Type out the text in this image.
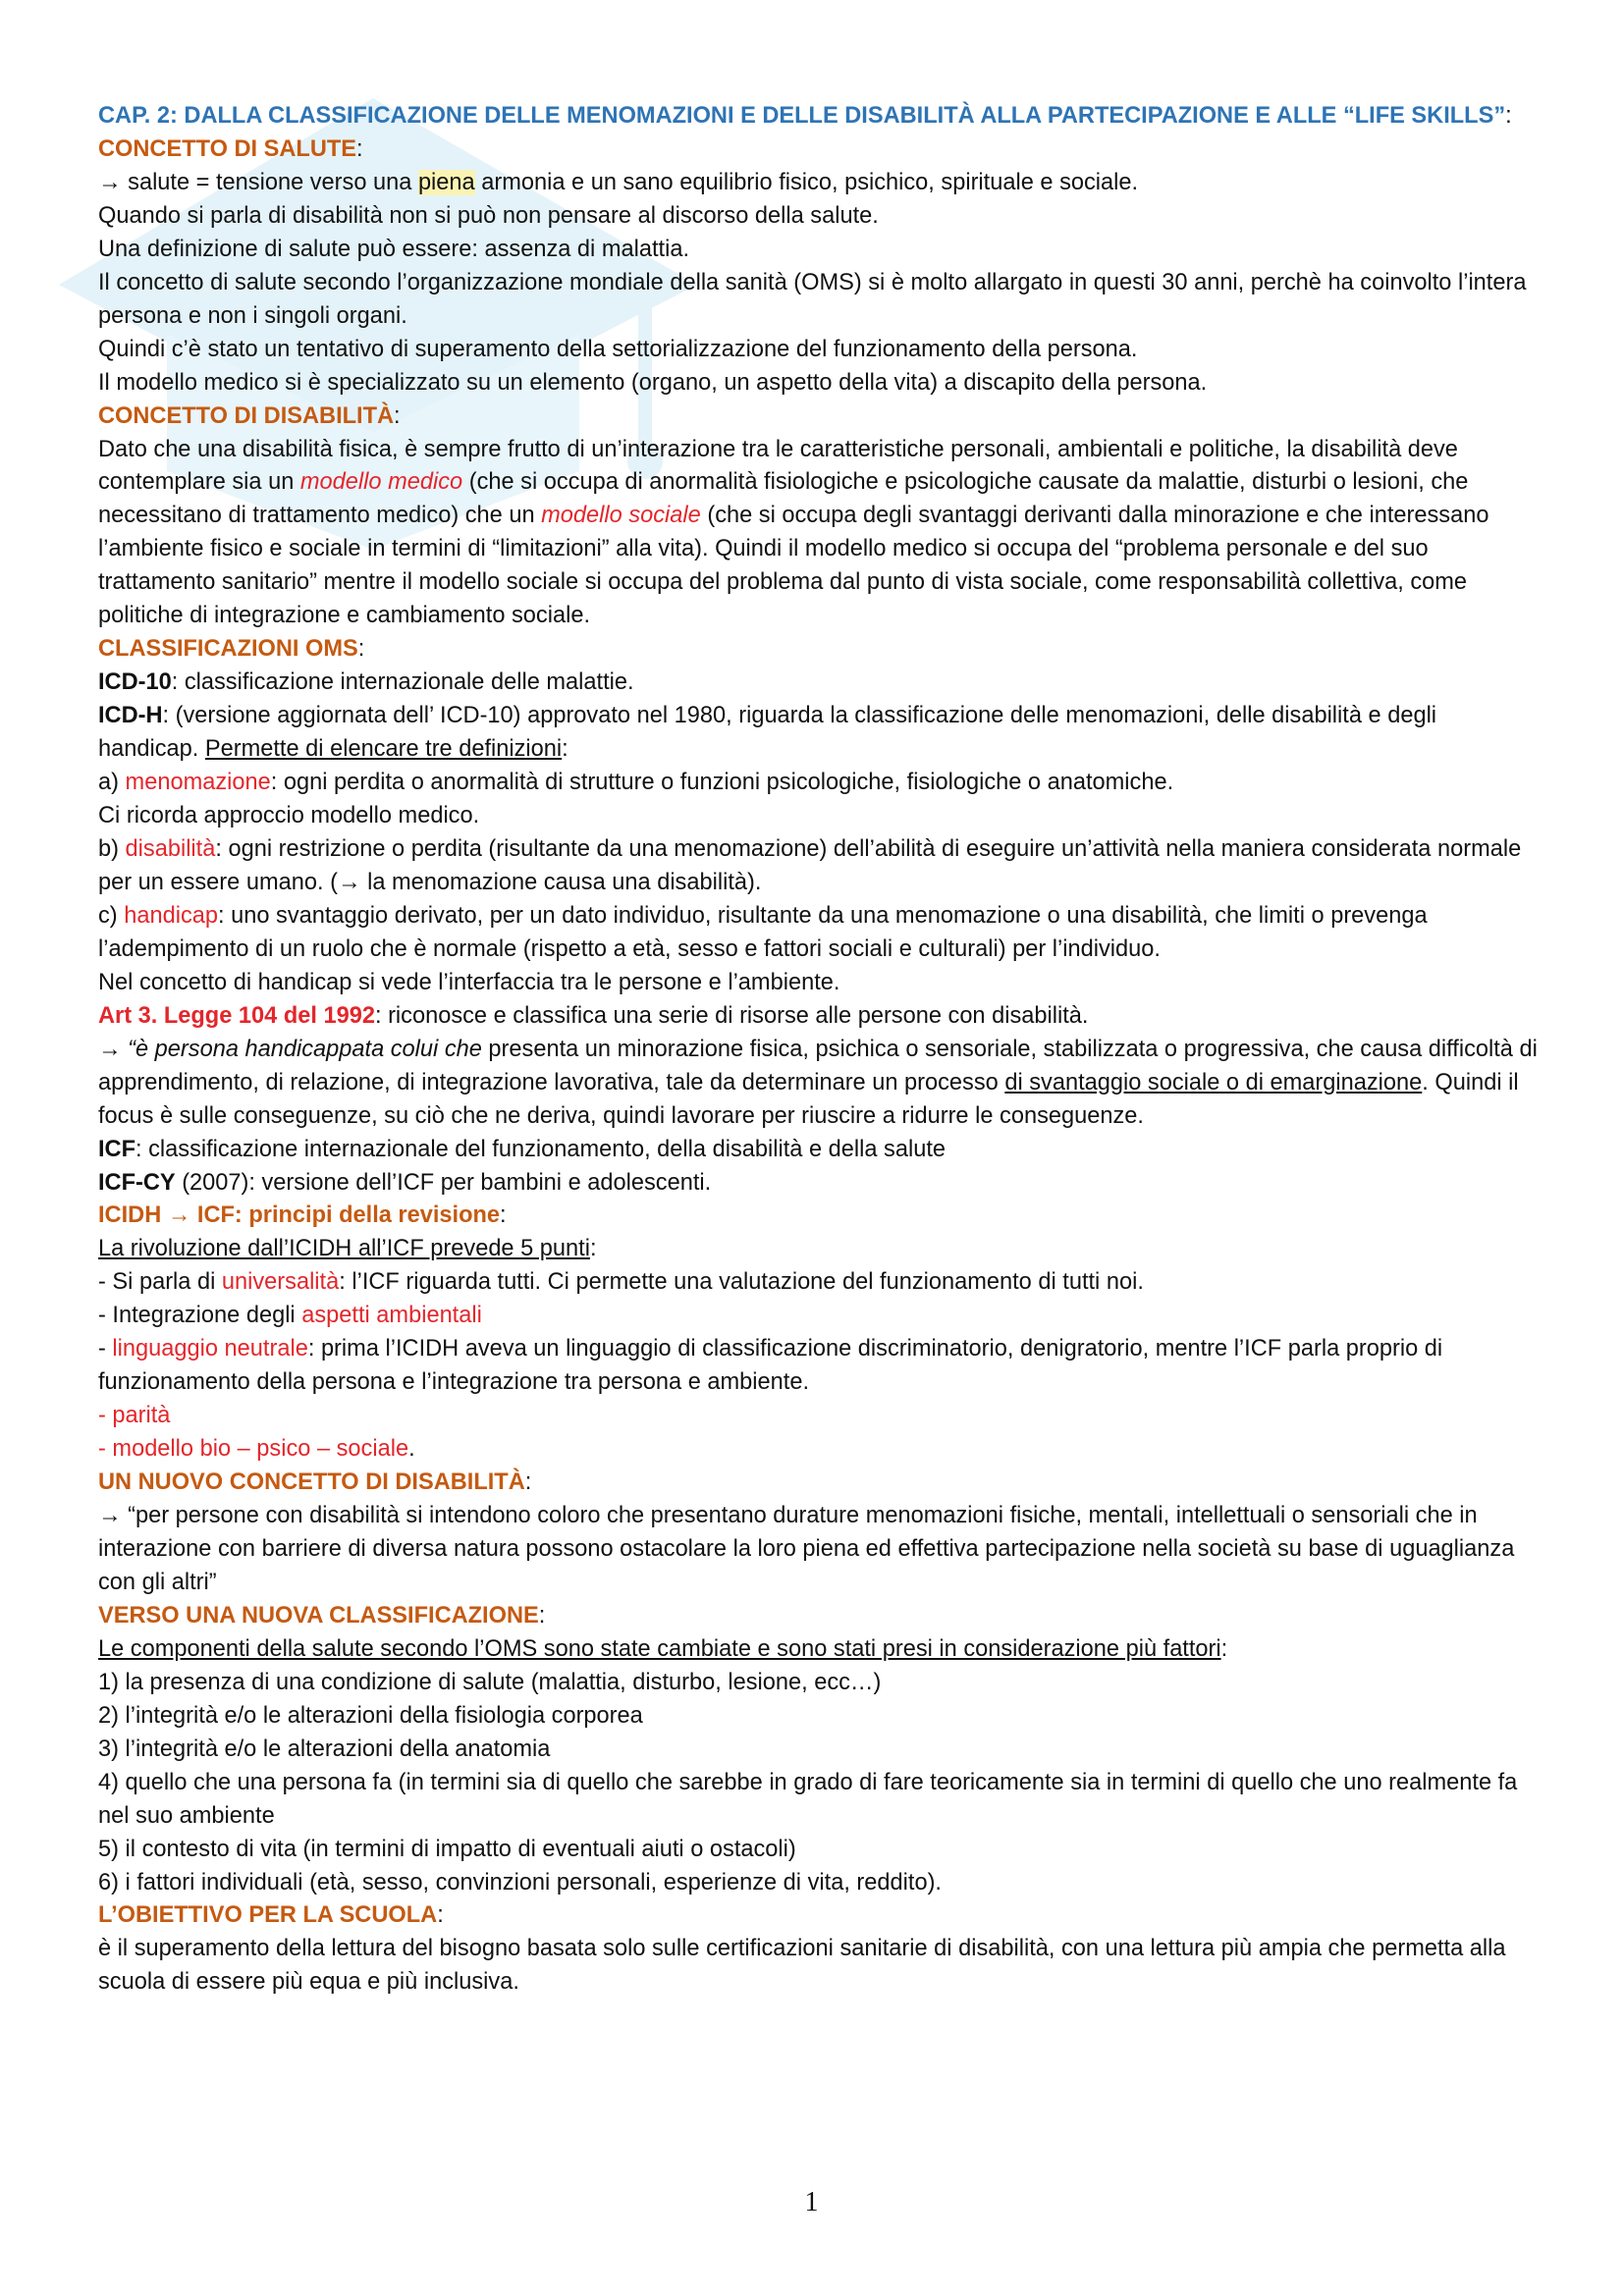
CAP. 2: DALLA CLASSIFICAZIONE DELLE MENOMAZIONI E DELLE DISABILITÀ ALLA PARTECIPAZIONE E ALLE “LIFE SKILLS”:

CONCETTO DI SALUTE:

→ salute = tensione verso una piena armonia e un sano equilibrio fisico, psichico, spirituale e sociale.

Quando si parla di disabilità non si può non pensare al discorso della salute.

Una definizione di salute può essere: assenza di malattia.

Il concetto di salute secondo l’organizzazione mondiale della sanità (OMS) si è molto allargato in questi 30 anni, perchè ha coinvolto l’intera persona e non i singoli organi.

Quindi c’è stato un tentativo di superamento della settorializzazione del funzionamento della persona.

Il modello medico si è specializzato su un elemento (organo, un aspetto della vita) a discapito della persona.

CONCETTO DI DISABILITÀ:

Dato che una disabilità fisica, è sempre frutto di un’interazione tra le caratteristiche personali, ambientali e politiche, la disabilità deve contemplare sia un modello medico (che si occupa di anormalità fisiologiche e psicologiche causate da malattie, disturbi o lesioni, che necessitano di trattamento medico) che un modello sociale (che si occupa degli svantaggi derivanti dalla minorazione e che interessano l’ambiente fisico e sociale in termini di “limitazioni” alla vita). Quindi il modello medico si occupa del “problema personale e del suo trattamento sanitario” mentre il modello sociale si occupa del problema dal punto di vista sociale, come responsabilità collettiva, come politiche di integrazione e cambiamento sociale.

CLASSIFICAZIONI OMS:

ICD-10: classificazione internazionale delle malattie.

ICD-H: (versione aggiornata dell’ ICD-10) approvato nel 1980, riguarda la classificazione delle menomazioni, delle disabilità e degli handicap. Permette di elencare tre definizioni:

a) menomazione: ogni perdita o anormalità di strutture o funzioni psicologiche, fisiologiche o anatomiche.

Ci ricorda approccio modello medico.

b) disabilità: ogni restrizione o perdita (risultante da una menomazione) dell’abilità di eseguire un’attività nella maniera considerata normale per un essere umano. (→ la menomazione causa una disabilità).

c) handicap: uno svantaggio derivato, per un dato individuo, risultante da una menomazione o una disabilità, che limiti o prevenga l’adempimento di un ruolo che è normale (rispetto a età, sesso e fattori sociali e culturali) per l’individuo.

Nel concetto di handicap si vede l’interfaccia tra le persone e l’ambiente.

Art 3. Legge 104 del 1992: riconosce e classifica una serie di risorse alle persone con disabilità.

→ “è persona handicappata colui che presenta un minorazione fisica, psichica o sensoriale, stabilizzata o progressiva, che causa difficoltà di apprendimento, di relazione, di integrazione lavorativa, tale da determinare un processo di svantaggio sociale o di emarginazione. Quindi il focus è sulle conseguenze, su ciò che ne deriva, quindi lavorare per riuscire a ridurre le conseguenze.

ICF: classificazione internazionale del funzionamento, della disabilità e della salute

ICF-CY (2007): versione dell’ICF per bambini e adolescenti.

ICIDH → ICF: principi della revisione:

La rivoluzione dall’ICIDH all’ICF prevede 5 punti:

- Si parla di universalità: l’ICF riguarda tutti. Ci permette una valutazione del funzionamento di tutti noi.

- Integrazione degli aspetti ambientali

- linguaggio neutrale: prima l’ICIDH aveva un linguaggio di classificazione discriminatorio, denigratorio, mentre l’ICF parla proprio di funzionamento della persona e l’integrazione tra persona e ambiente.

- parità

- modello bio – psico – sociale.

UN NUOVO CONCETTO DI DISABILITÀ:

→ “per persone con disabilità si intendono coloro che presentano durature menomazioni fisiche, mentali, intellettuali o sensoriali che in interazione con barriere di diversa natura possono ostacolare la loro piena ed effettiva partecipazione nella società su base di uguaglianza con gli altri”

VERSO UNA NUOVA CLASSIFICAZIONE:

Le componenti della salute secondo l’OMS sono state cambiate e sono stati presi in considerazione più fattori:

1) la presenza di una condizione di salute (malattia, disturbo, lesione, ecc…)

2) l’integrità e/o le alterazioni della fisiologia corporea

3) l’integrità e/o le alterazioni della anatomia

4) quello che una persona fa (in termini sia di quello che sarebbe in grado di fare teoricamente sia in termini di quello che uno realmente fa nel suo ambiente

5) il contesto di vita (in termini di impatto di eventuali aiuti o ostacoli)

6) i fattori individuali (età, sesso, convinzioni personali, esperienze di vita, reddito).

L’OBIETTIVO PER LA SCUOLA:

è il superamento della lettura del bisogno basata solo sulle certificazioni sanitarie di disabilità, con una lettura più ampia che permetta alla scuola di essere più equa e più inclusiva.

1
